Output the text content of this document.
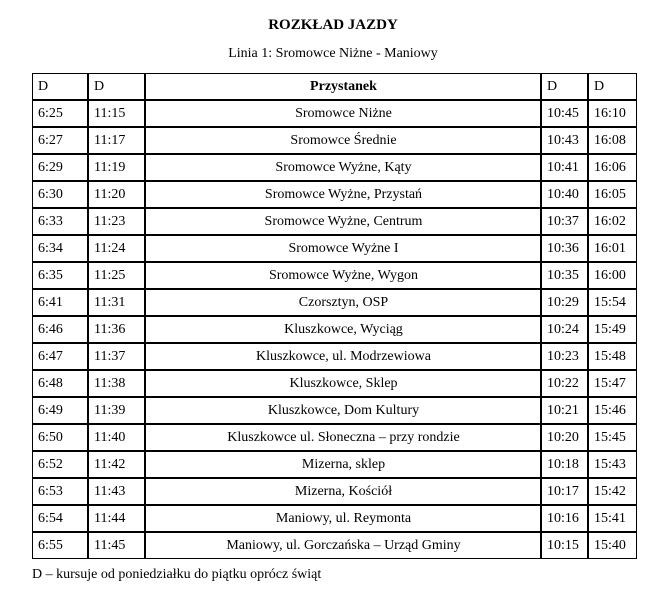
ROZKŁAD JAZDY
Linia 1: Sromowce Niżne - Maniowy
D	D	Przystanek	D	D
6:25	11:15	Sromowce Niżne	10:45	16:10
6:27	11:17	Sromowce Średnie	10:43	16:08
6:29	11:19	Sromowce Wyżne, Kąty	10:41	16:06
6:30	11:20	Sromowce Wyżne, Przystań	10:40	16:05
6:33	11:23	Sromowce Wyżne, Centrum	10:37	16:02
6:34	11:24	Sromowce Wyżne I	10:36	16:01
6:35	11:25	Sromowce Wyżne, Wygon	10:35	16:00
6:41	11:31	Czorsztyn, OSP	10:29	15:54
6:46	11:36	Kluszkowce, Wyciąg	10:24	15:49
6:47	11:37	Kluszkowce, ul. Modrzewiowa	10:23	15:48
6:48	11:38	Kluszkowce, Sklep	10:22	15:47
6:49	11:39	Kluszkowce, Dom Kultury	10:21	15:46
6:50	11:40	Kluszkowce ul. Słoneczna – przy rondzie	10:20	15:45
6:52	11:42	Mizerna, sklep	10:18	15:43
6:53	11:43	Mizerna, Kościół	10:17	15:42
6:54	11:44	Maniowy, ul. Reymonta	10:16	15:41
6:55	11:45	Maniowy, ul. Gorczańska – Urząd Gminy	10:15	15:40
D – kursuje od poniedziałku do piątku oprócz świąt
